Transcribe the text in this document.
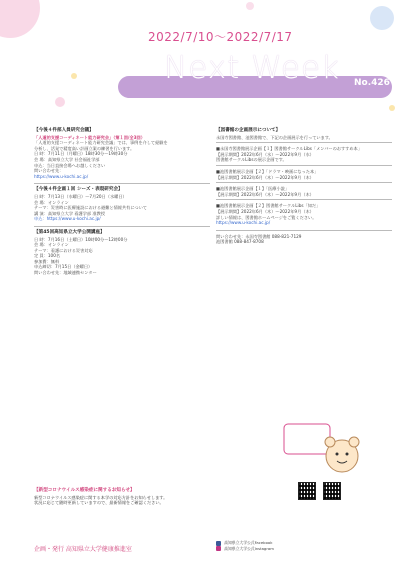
2022/7/10～2022/7/17
Next Week No.426
【今後４件部人員研究会議】
「人道的支援コーディネート能力研究会」（第１回/全3回）
「人道的支援コーディネート能力研究会議」では、事例を介して経験を
分析し、活発で精度高い計画立案の練習を行います。
日 時：7月11日（月曜日）18時30分～19時30分
会 場：高知県立大学 社会福祉学部
申込：当日直接会場へお越しください
問い合わせ先：
https://www.u-kochi.ac.jp/
【今後４件企画１回 シーズ・表現研究会】
日 時：7月13日（水曜日）～7月20日（水曜日）
会 場：オンライン
テーマ：災害時に医療施設における避難と情報共有について
講 演：高知県立大学 看護学部 准教授
申込：https://www.u-kochi.ac.jp/
【第45回高知県立大学公開講座】
日 時：7月16日（土曜日）10時00分～12時00分
会 場：オンライン
テーマ：看護における災害対応
定 員：100名
参加費：無料
申込締切：7月15日（金曜日）
問い合わせ先：地域連携センター
【新型コロナウイルス感染症に関するお知らせ】
新型コロナウイルス感染症に関する本学の対応方針をお知らせします。
状況に応じて随時更新していますので、最新情報をご確認ください。
【図書館の企画展示について】
永国寺図書館、池図書館で、下記の企画展示を行っています。
■永国寺図書館展示企画【１】図書館サークルLibs「メンバーのおすすめ本」
【展示期間】2022年6月（水）～2022年9月（水）
図書館サークルLibsの展示企画です。
■池図書館展示企画【２】「ドラマ・映画になった本」
【展示期間】2022年6月（木）～2022年9月（木）
■池図書館展示企画【１】「医療小説」
【展示期間】2022年6月（木）～2022年9月（木）
■池図書館展示企画【２】図書館サークルLibs「知だ」
【展示期間】2022年6月（木）～2022年9月（木）
詳しい情報は、図書館ホームページをご覧ください。
https://www.u-kochi.ac.jp/
問い合わせ先：永国寺図書館 088-821-7129
池図書館 088-847-8708

高知県立大学公式Facebook
高知県立大学公式Instagram
企画・発行 高知県立大学健康推進室
